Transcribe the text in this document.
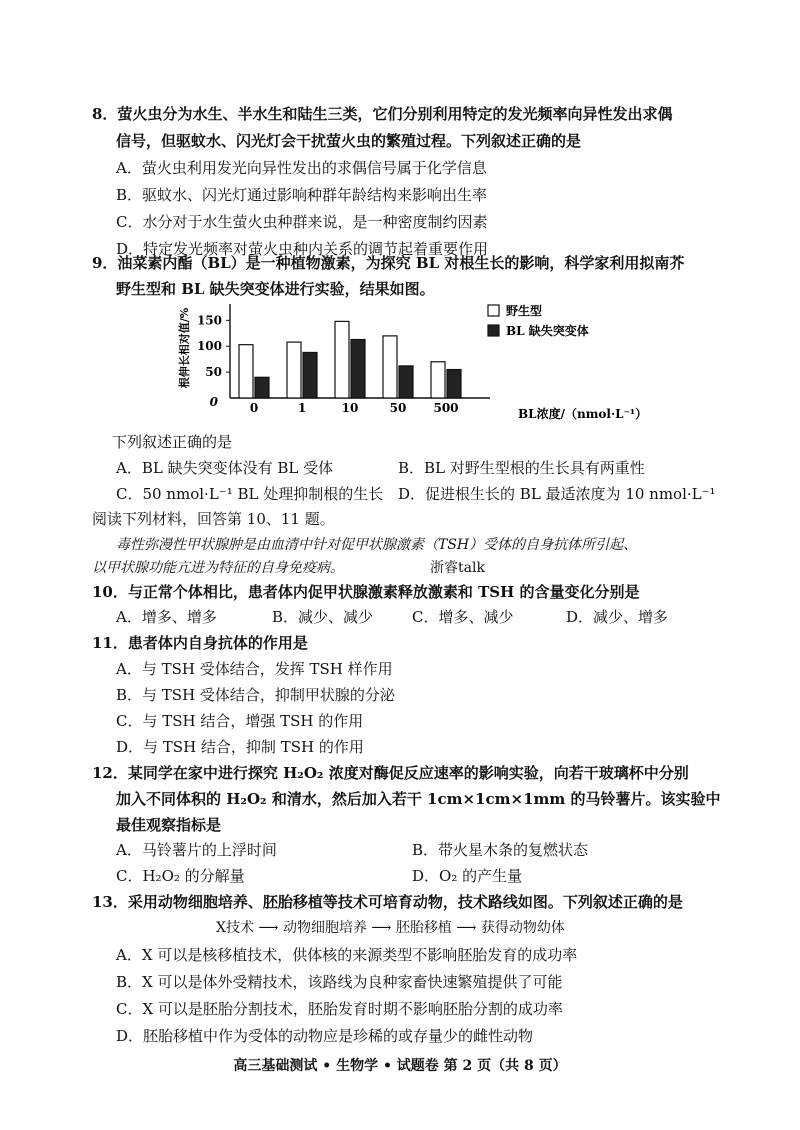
8．萤火虫分为水生、半水生和陆生三类，它们分别利用特定的发光频率向异性发出求偶
信号，但驱蚊水、闪光灯会干扰萤火虫的繁殖过程。下列叙述正确的是
A．萤火虫利用发光向异性发出的求偶信号属于化学信息
B．驱蚊水、闪光灯通过影响种群年龄结构来影响出生率
C．水分对于水生萤火虫种群来说，是一种密度制约因素
D．特定发光频率对萤火虫种内关系的调节起着重要作用
9．油菜素内酯（BL）是一种植物激素，为探究 BL 对根生长的影响，科学家利用拟南芥
野生型和 BL 缺失突变体进行实验，结果如图。
根伸长相对值/%
0
50
100
150
0	1	10	50 500	BL浓度/（nmol·L⁻¹）
野生型
BL 缺失突变体
下列叙述正确的是
A．BL 缺失突变体没有 BL 受体	B．BL 对野生型根的生长具有两重性
C．50 nmol·L⁻¹ BL 处理抑制根的生长 D．促进根生长的 BL 最适浓度为 10 nmol·L⁻¹
阅读下列材料，回答第 10、11 题。
毒性弥漫性甲状腺肿是由血清中针对促甲状腺激素（TSH）受体的自身抗体所引起、
以甲状腺功能亢进为特征的自身免疫病。	浙睿talk
10．与正常个体相比，患者体内促甲状腺激素释放激素和 TSH 的含量变化分别是
A．增多、增多	B．减少、减少	C．增多、减少	D．减少、增多
11．患者体内自身抗体的作用是
A．与 TSH 受体结合，发挥 TSH 样作用
B．与 TSH 受体结合，抑制甲状腺的分泌
C．与 TSH 结合，增强 TSH 的作用
D．与 TSH 结合，抑制 TSH 的作用
12．某同学在家中进行探究 H₂O₂ 浓度对酶促反应速率的影响实验，向若干玻璃杯中分别
加入不同体积的 H₂O₂ 和清水，然后加入若干 1cm×1cm×1mm 的马铃薯片。该实验中
最佳观察指标是
A．马铃薯片的上浮时间	B．带火星木条的复燃状态
C．H₂O₂ 的分解量	D．O₂ 的产生量
13．采用动物细胞培养、胚胎移植等技术可培育动物，技术路线如图。下列叙述正确的是
X技术 ⟶ 动物细胞培养 ⟶ 胚胎移植 ⟶ 获得动物幼体
A．X 可以是核移植技术，供体核的来源类型不影响胚胎发育的成功率
B．X 可以是体外受精技术，该路线为良种家畜快速繁殖提供了可能
C．X 可以是胚胎分割技术，胚胎发育时期不影响胚胎分割的成功率
D．胚胎移植中作为受体的动物应是珍稀的或存量少的雌性动物
高三基础测试 • 生物学 • 试题卷 第 2 页（共 8 页）
